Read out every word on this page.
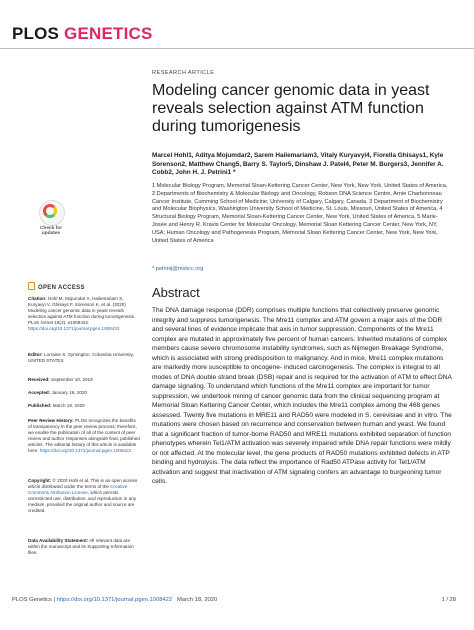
PLOS GENETICS
Check for updates
OPEN ACCESS
Citation: Hohl M, Mojumdar A, Hailemariam S, Kuryavyi V, Ghisays F, Sorenson K, et al. (2020) Modeling cancer genomic data in yeast reveals selection against ATM function during tumorigenesis. PLoS Genet 16(3): e1008422. https://doi.org/10.1371/journal.pgen.1008422
Editor: Lorraine S. Symington, Columbia University, UNITED STATES
Received: September 10, 2019
Accepted: January 19, 2020
Published: March 18, 2020
Peer Review History: PLOS recognizes the benefits of transparency in the peer review process; therefore, we enable the publication of all of the content of peer review and author responses alongside final, published articles. The editorial history of this article is available here: https://doi.org/10.1371/journal.pgen.1008422
Copyright: © 2020 Hohl et al. This is an open access article distributed under the terms of the Creative Commons Attribution License, which permits unrestricted use, distribution, and reproduction in any medium, provided the original author and source are credited.
Data Availability Statement: All relevant data are within the manuscript and its Supporting Information files.
RESEARCH ARTICLE
Modeling cancer genomic data in yeast reveals selection against ATM function during tumorigenesis
Marcel Hohl1, Aditya Mojumdar2, Sarem Hailemariam3, Vitaly Kuryavyi4, Fiorella Ghisays1, Kyle Sorenson2, Matthew Chang5, Barry S. Taylor5, Dinshaw J. Patel4, Peter M. Burgers3, Jennifer A. Cobb2, John H. J. Petrini1 *
1 Molecular Biology Program, Memorial Sloan-Kettering Cancer Center, New York, New York, United States of America, 2 Departments of Biochemistry & Molecular Biology and Oncology, Robson DNA Science Centre, Arnie Charbonneau Cancer Institute, Cumming School of Medicine; University of Calgary, Calgary, Canada, 3 Department of Biochemistry and Molecular Biophysics, Washington University School of Medicine, St. Louis, Missouri, United States of America, 4 Structural Biology Program, Memorial Sloan-Kettering Cancer Center, New York, United States of America, 5 Marie-Josée and Henry R. Kravis Center for Molecular Oncology, Memorial Sloan Kettering Cancer Center, New York, NY, USA; Human Oncology and Pathogenesis Program, Memorial Sloan Kettering Cancer Center, New York, New York, United States of America
* petrinij@mskcc.org
Abstract
The DNA damage response (DDR) comprises multiple functions that collectively preserve genomic integrity and suppress tumorigenesis. The Mre11 complex and ATM govern a major axis of the DDR and several lines of evidence implicate that axis in tumor suppression. Components of the Mre11 complex are mutated in approximately five percent of human cancers. Inherited mutations of complex members cause severe chromosome instability syndromes, such as Nijmegen Breakage Syndrome, which is associated with strong predisposition to malignancy. And in mice, Mre11 complex mutations are markedly more susceptible to oncogene- induced carcinogenesis. The complex is integral to all modes of DNA double strand break (DSB) repair and is required for the activation of ATM to effect DNA damage signaling. To understand which functions of the Mre11 complex are important for tumor suppression, we undertook mining of cancer genomic data from the clinical sequencing program at Memorial Sloan Kettering Cancer Center, which includes the Mre11 complex among the 468 genes assessed. Twenty five mutations in MRE11 and RAD50 were modeled in S. cerevisiae and in vitro. The mutations were chosen based on recurrence and conservation between human and yeast. We found that a significant fraction of tumor-borne RAD50 and MRE11 mutations exhibited separation of function phenotypes wherein Tel1/ATM activation was severely impaired while DNA repair functions were mildly or not affected. At the molecular level, the gene products of RAD50 mutations exhibited defects in ATP binding and hydrolysis. The data reflect the importance of Rad50 ATPase activity for Tel1/ATM activation and suggest that inactivation of ATM signaling confers an advantage to burgeoning tumor cells.
PLOS Genetics | https://doi.org/10.1371/journal.pgen.1008422 March 18, 2020	1 / 28
